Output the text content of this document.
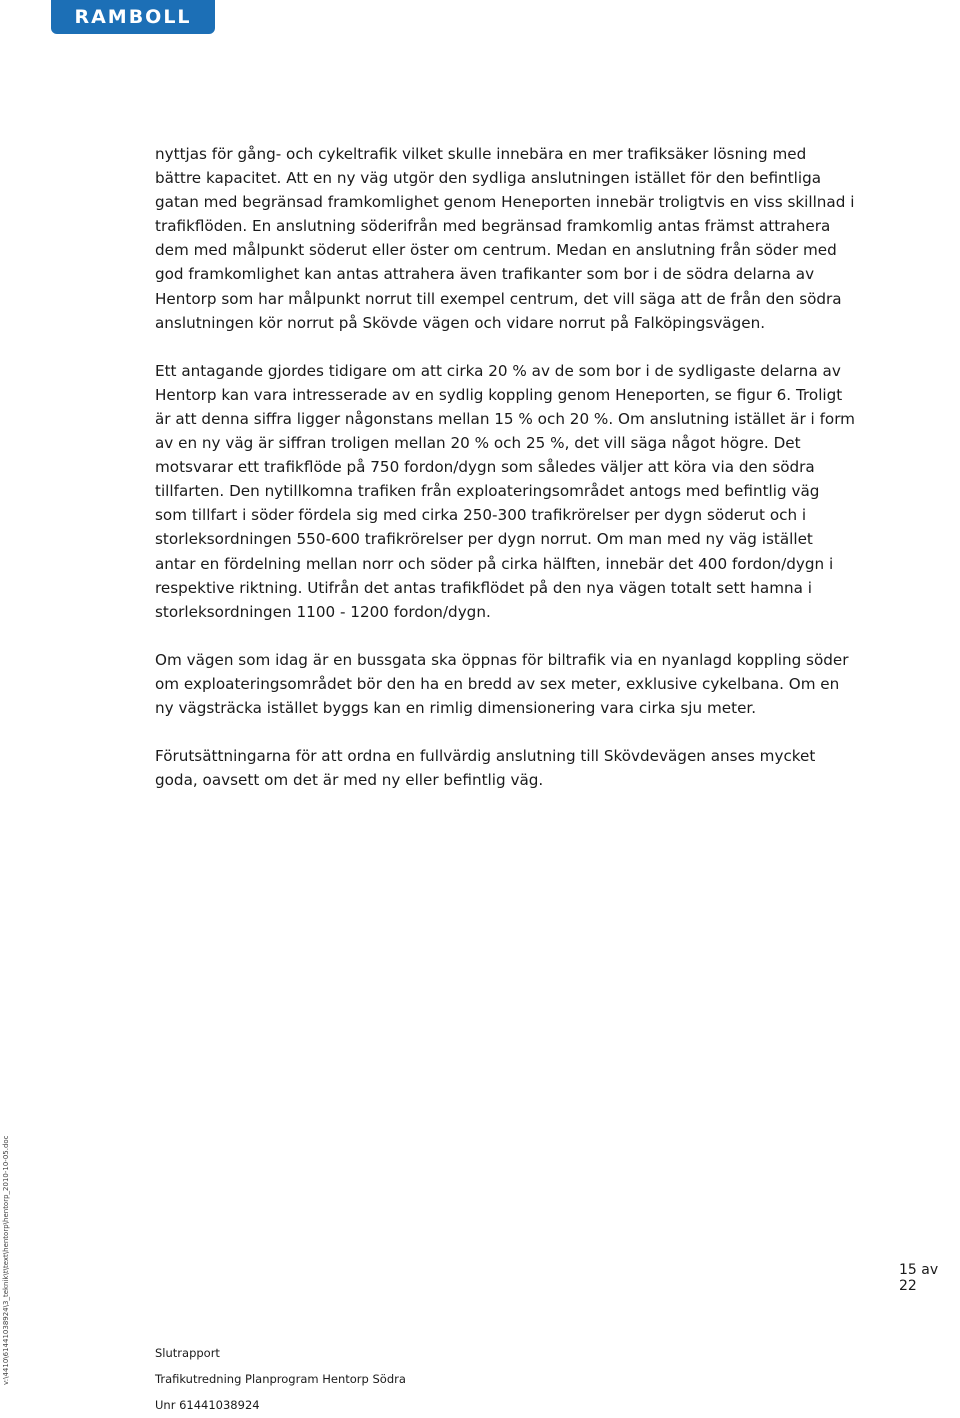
RAMBOLL

nyttjas för gång- och cykeltrafik vilket skulle innebära en mer trafiksäker lösning med bättre kapacitet. Att en ny väg utgör den sydliga anslutningen istället för den befintliga gatan med begränsad framkomlighet genom Heneporten innebär troligtvis en viss skillnad i trafikflöden. En anslutning söderifrån med begränsad framkomlig antas främst attrahera dem med målpunkt söderut eller öster om centrum. Medan en anslutning från söder med god framkomlighet kan antas attrahera även trafikanter som bor i de södra delarna av Hentorp som har målpunkt norrut till exempel centrum, det vill säga att de från den södra anslutningen kör norrut på Skövde vägen och vidare norrut på Falköpingsvägen.

Ett antagande gjordes tidigare om att cirka 20 % av de som bor i de sydligaste delarna av Hentorp kan vara intresserade av en sydlig koppling genom Heneporten, se figur 6. Troligt är att denna siffra ligger någonstans mellan 15 % och 20 %. Om anslutning istället är i form av en ny väg är siffran troligen mellan 20 % och 25 %, det vill säga något högre. Det motsvarar ett trafikflöde på 750 fordon/dygn som således väljer att köra via den södra tillfarten. Den nytillkomna trafiken från exploateringsområdet antogs med befintlig väg som tillfart i söder fördela sig med cirka 250-300 trafikrörelser per dygn söderut och i storleksordningen 550-600 trafikrörelser per dygn norrut. Om man med ny väg istället antar en fördelning mellan norr och söder på cirka hälften, innebär det 400 fordon/dygn i respektive riktning. Utifrån det antas trafikflödet på den nya vägen totalt sett hamna i storleksordningen 1100 - 1200 fordon/dygn.

Om vägen som idag är en bussgata ska öppnas för biltrafik via en nyanlagd koppling söder om exploateringsområdet bör den ha en bredd av sex meter, exklusive cykelbana. Om en ny vägsträcka istället byggs kan en rimlig dimensionering vara cirka sju meter.

Förutsättningarna för att ordna en fullvärdig anslutning till Skövdevägen anses mycket goda, oavsett om det är med ny eller befintlig väg.

15 av 22
Slutrapport
Trafikutredning Planprogram Hentorp Södra
Unr 61441038924
v:\4410\61441038924\3_teknik\t\text\hentorp\hentorp_2010-10-05.doc
